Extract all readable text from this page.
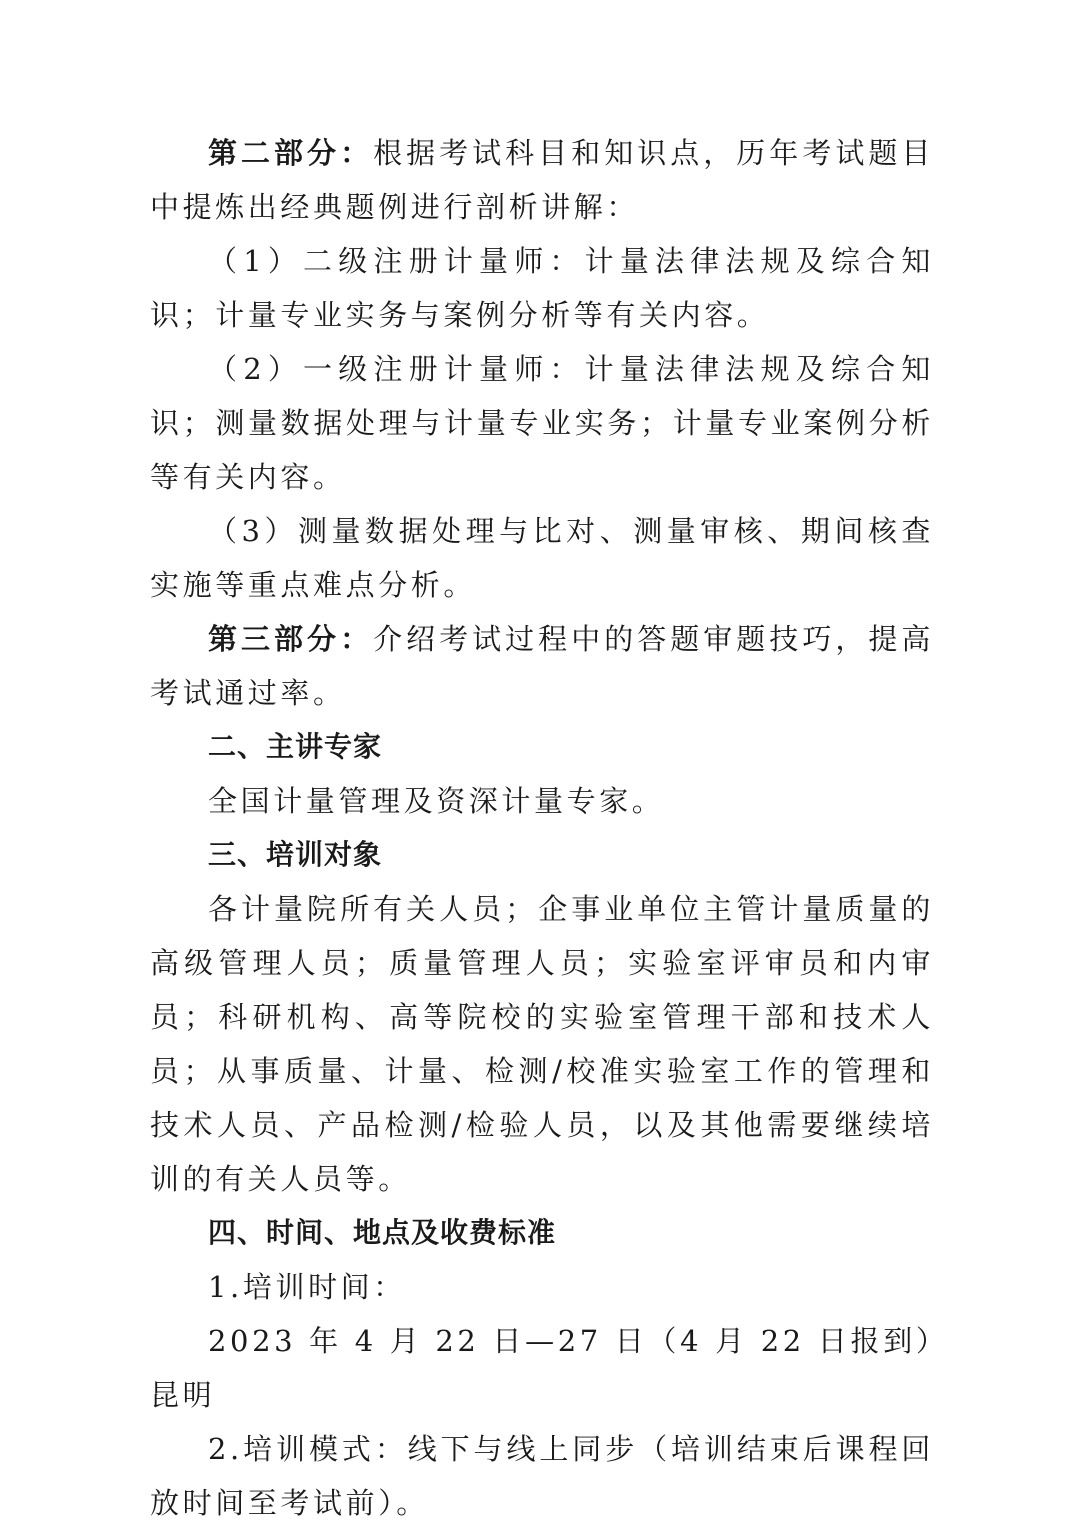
第二部分：根据考试科目和知识点，历年考试题目中提炼出经典题例进行剖析讲解：

（1）二级注册计量师：计量法律法规及综合知识；计量专业实务与案例分析等有关内容。

（2）一级注册计量师：计量法律法规及综合知识；测量数据处理与计量专业实务；计量专业案例分析等有关内容。

（3）测量数据处理与比对、测量审核、期间核查实施等重点难点分析。

第三部分：介绍考试过程中的答题审题技巧，提高考试通过率。

二、主讲专家

全国计量管理及资深计量专家。

三、培训对象

各计量院所有关人员；企事业单位主管计量质量的高级管理人员；质量管理人员；实验室评审员和内审员；科研机构、高等院校的实验室管理干部和技术人员；从事质量、计量、检测/校准实验室工作的管理和技术人员、产品检测/检验人员，以及其他需要继续培训的有关人员等。

四、时间、地点及收费标准

1.培训时间：

2023 年 4 月 22 日—27 日（4 月 22 日报到）昆明

2.培训模式：线下与线上同步（培训结束后课程回放时间至考试前）。
